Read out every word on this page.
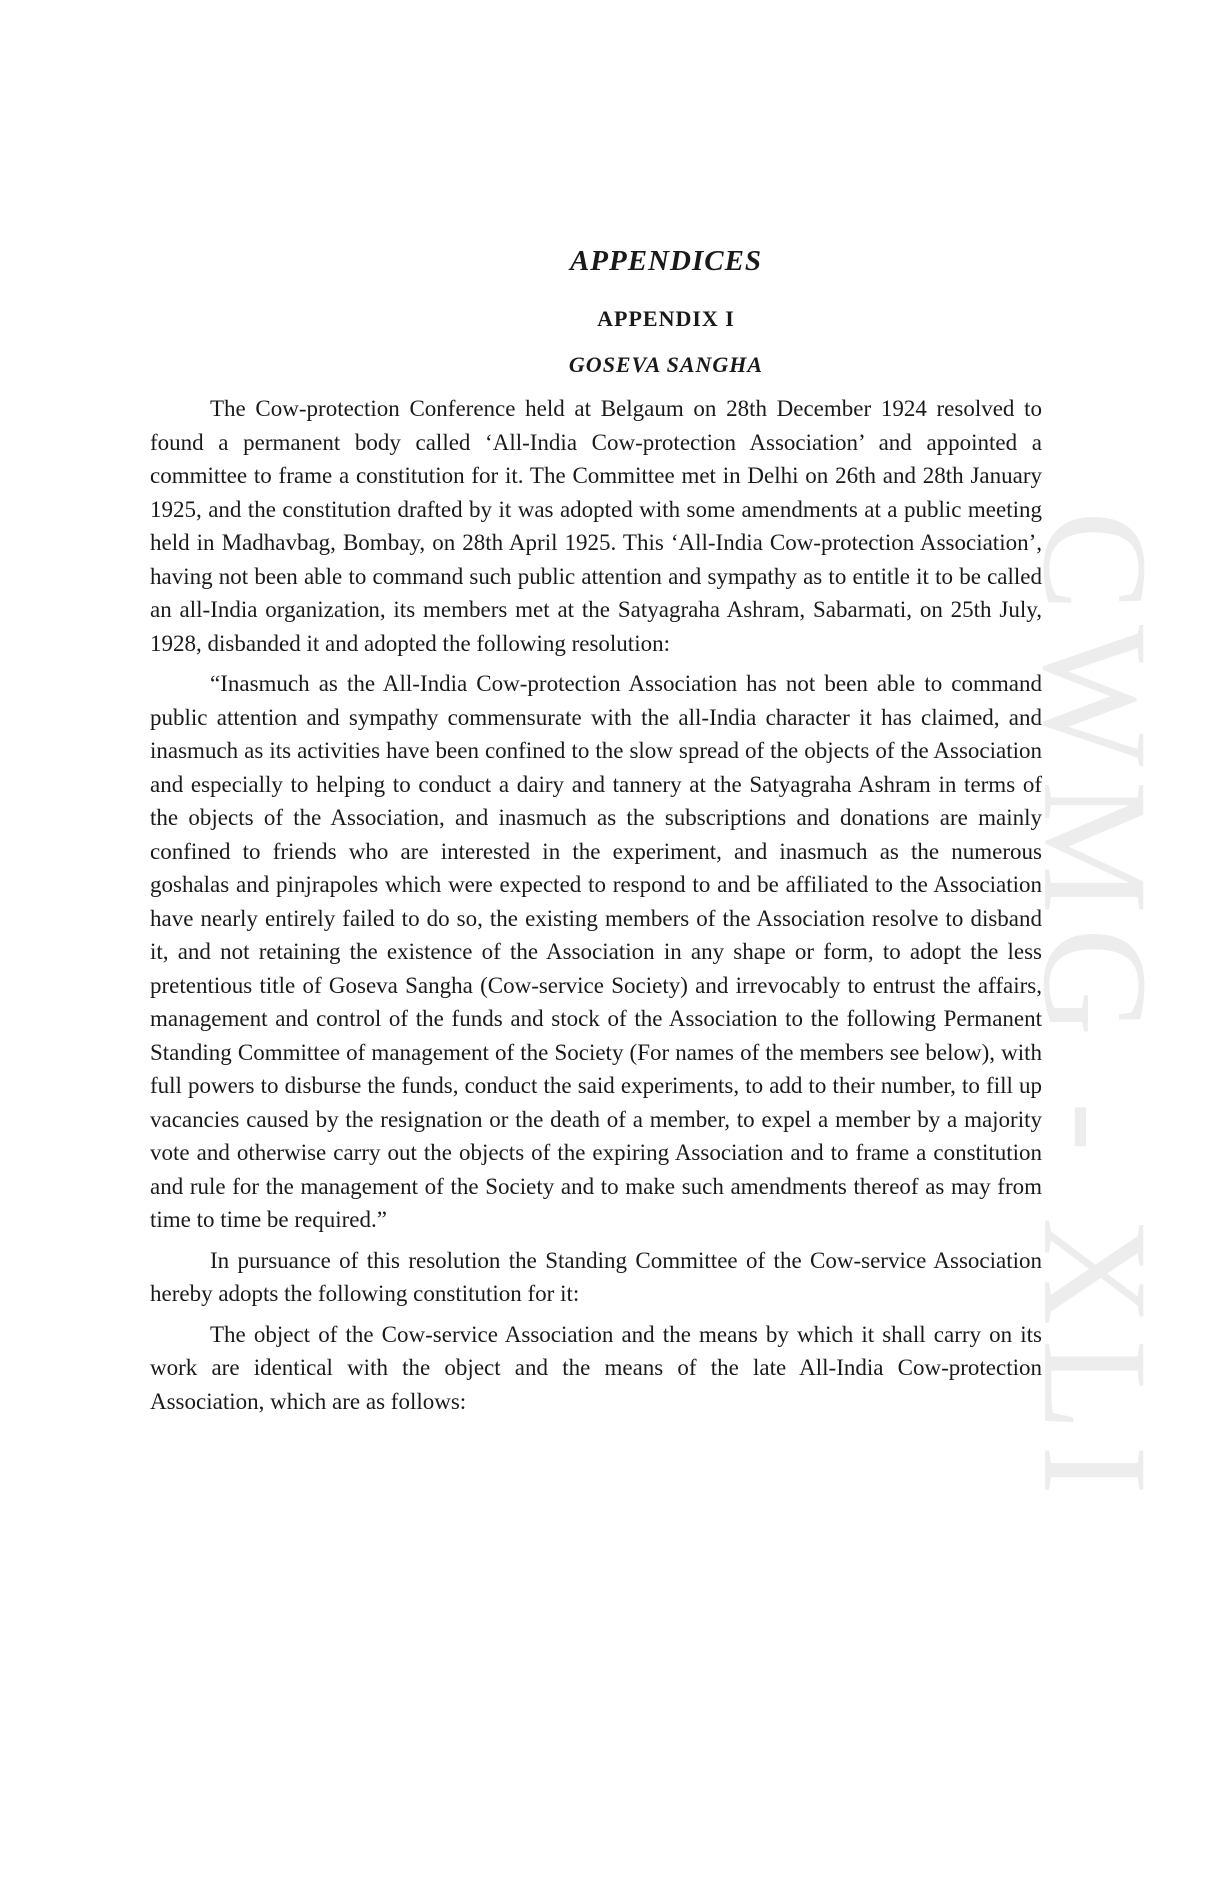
CWMG - XLI
APPENDICES
APPENDIX I
GOSEVA SANGHA

The Cow-protection Conference held at Belgaum on 28th December 1924 resolved to found a permanent body called ‘All-India Cow-protection Association’ and appointed a committee to frame a constitution for it. The Committee met in Delhi on 26th and 28th January 1925, and the constitution drafted by it was adopted with some amendments at a public meeting held in Madhavbag, Bombay, on 28th April 1925. This ‘All-India Cow-protection Association’, having not been able to command such public attention and sympathy as to entitle it to be called an all-India organization, its members met at the Satyagraha Ashram, Sabarmati, on 25th July, 1928, disbanded it and adopted the following resolution:

“Inasmuch as the All-India Cow-protection Association has not been able to command public attention and sympathy commensurate with the all-India character it has claimed, and inasmuch as its activities have been confined to the slow spread of the objects of the Association and especially to helping to conduct a dairy and tannery at the Satyagraha Ashram in terms of the objects of the Association, and inasmuch as the subscriptions and donations are mainly confined to friends who are interested in the experiment, and inasmuch as the numerous goshalas and pinjrapoles which were expected to respond to and be affiliated to the Association have nearly entirely failed to do so, the existing members of the Association resolve to disband it, and not retaining the existence of the Association in any shape or form, to adopt the less pretentious title of Goseva Sangha (Cow-service Society) and irrevocably to entrust the affairs, management and control of the funds and stock of the Association to the following Permanent Standing Committee of management of the Society (For names of the members see below), with full powers to disburse the funds, conduct the said experiments, to add to their number, to fill up vacancies caused by the resignation or the death of a member, to expel a member by a majority vote and otherwise carry out the objects of the expiring Association and to frame a constitution and rule for the management of the Society and to make such amendments thereof as may from time to time be required.”

In pursuance of this resolution the Standing Committee of the Cow-service Association hereby adopts the following constitution for it:

The object of the Cow-service Association and the means by which it shall carry on its work are identical with the object and the means of the late All-India Cow-protection Association, which are as follows:
